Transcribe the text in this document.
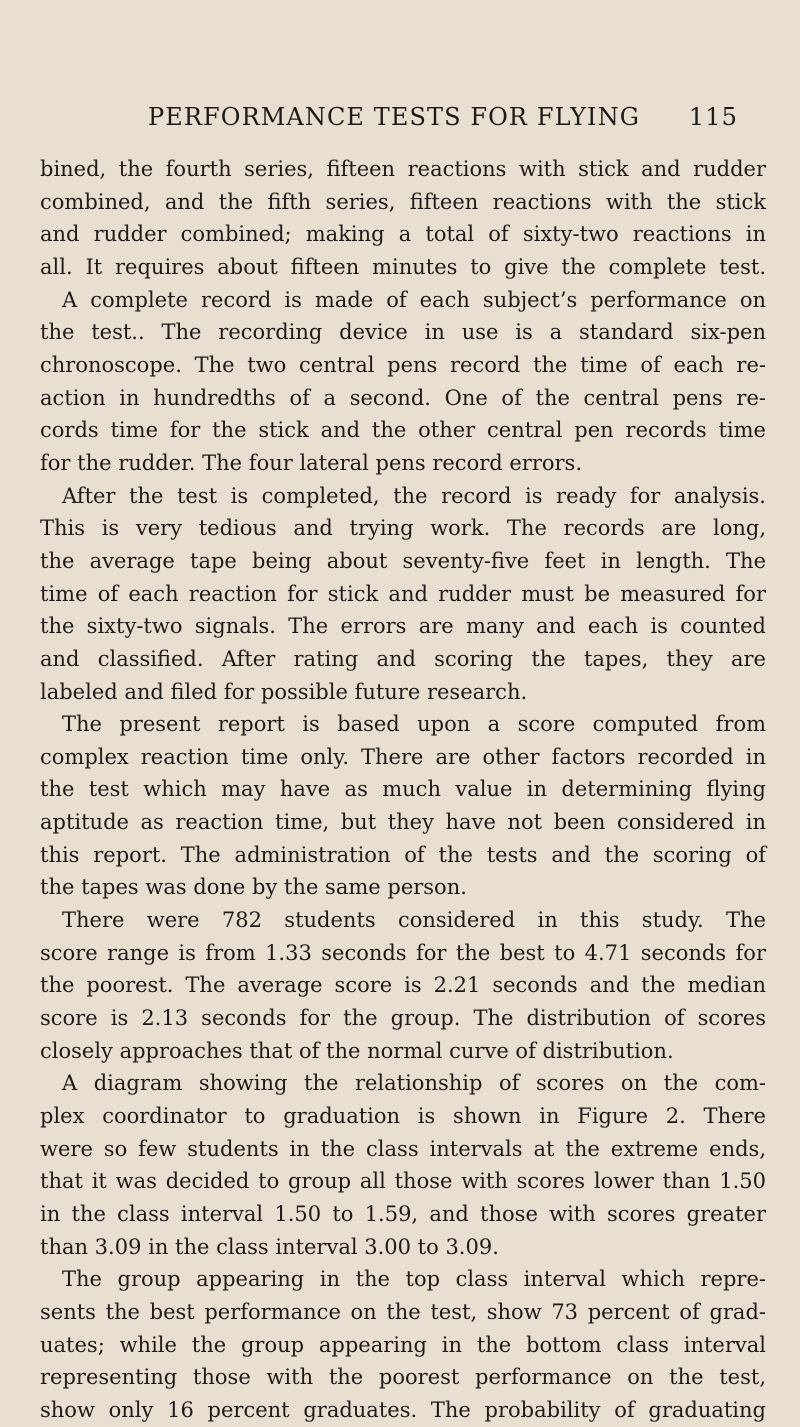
PERFORMANCE TESTS FOR FLYING 115

bined, the fourth series, fifteen reactions with stick and rudder

combined, and the fifth series, fifteen reactions with the stick

and rudder combined; making a total of sixty-two reactions in

all. It requires about fifteen minutes to give the complete test.

A complete record is made of each subject’s performance on

the test.. The recording device in use is a standard six-pen

chronoscope. The two central pens record the time of each re-

action in hundredths of a second. One of the central pens re-

cords time for the stick and the other central pen records time

for the rudder. The four lateral pens record errors.

After the test is completed, the record is ready for analysis.

This is very tedious and trying work. The records are long,

the average tape being about seventy-five feet in length. The

time of each reaction for stick and rudder must be measured for

the sixty-two signals. The errors are many and each is counted

and classified. After rating and scoring the tapes, they are

labeled and filed for possible future research.

The present report is based upon a score computed from

complex reaction time only. There are other factors recorded in

the test which may have as much value in determining flying

aptitude as reaction time, but they have not been considered in

this report. The administration of the tests and the scoring of

the tapes was done by the same person.

There were 782 students considered in this study. The

score range is from 1.33 seconds for the best to 4.71 seconds for

the poorest. The average score is 2.21 seconds and the median

score is 2.13 seconds for the group. The distribution of scores

closely approaches that of the normal curve of distribution.

A diagram showing the relationship of scores on the com-

plex coordinator to graduation is shown in Figure 2. There

were so few students in the class intervals at the extreme ends,

that it was decided to group all those with scores lower than 1.50

in the class interval 1.50 to 1.59, and those with scores greater

than 3.09 in the class interval 3.00 to 3.09.

The group appearing in the top class interval which repre-

sents the best performance on the test, show 73 percent of grad-

uates; while the group appearing in the bottom class interval

representing those with the poorest performance on the test,

show only 16 percent graduates. The probability of graduating
